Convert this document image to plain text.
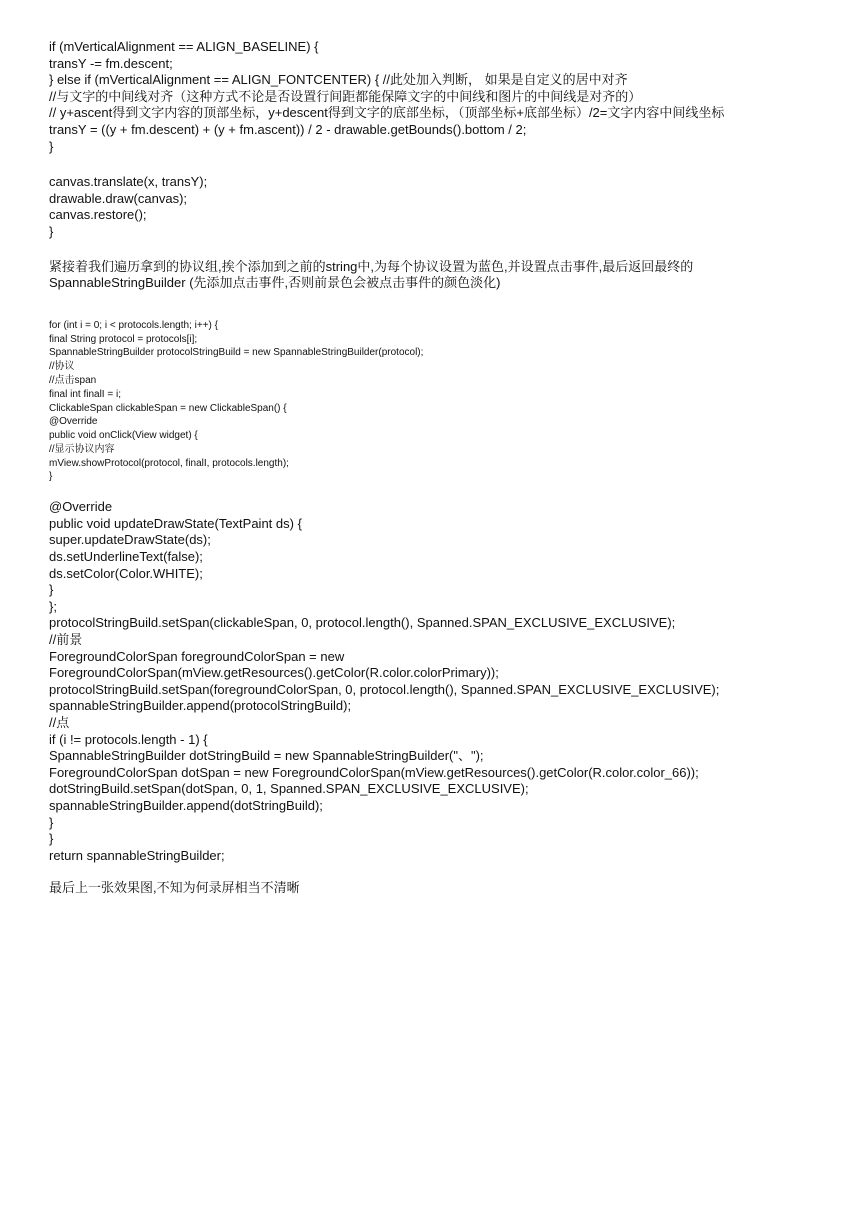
if (mVerticalAlignment == ALIGN_BASELINE) {
transY -= fm.descent;
} else if (mVerticalAlignment == ALIGN_FONTCENTER) { //此处加入判断， 如果是自定义的居中对齐
//与文字的中间线对齐（这种方式不论是否设置行间距都能保障文字的中间线和图片的中间线是对齐的）
// y+ascent得到文字内容的顶部坐标，y+descent得到文字的底部坐标，（顶部坐标+底部坐标）/2=文字内容中间线坐标
transY = ((y + fm.descent) + (y + fm.ascent)) / 2 - drawable.getBounds().bottom / 2;
}
canvas.translate(x, transY);
drawable.draw(canvas);
canvas.restore();
}
紧接着我们遍历拿到的协议组,挨个添加到之前的string中,为每个协议设置为蓝色,并设置点击事件,最后返回最终的
SpannableStringBuilder (先添加点击事件,否则前景色会被点击事件的颜色淡化)
for (int i = 0; i < protocols.length; i++) {
final String protocol = protocols[i];
SpannableStringBuilder protocolStringBuild = new SpannableStringBuilder(protocol);
//协议
//点击span
final int finalI = i;
ClickableSpan clickableSpan = new ClickableSpan() {
@Override
public void onClick(View widget) {
//显示协议内容
mView.showProtocol(protocol, finalI, protocols.length);
}
@Override
public void updateDrawState(TextPaint ds) {
super.updateDrawState(ds);
ds.setUnderlineText(false);
ds.setColor(Color.WHITE);
}
};
protocolStringBuild.setSpan(clickableSpan, 0, protocol.length(), Spanned.SPAN_EXCLUSIVE_EXCLUSIVE);
//前景
ForegroundColorSpan foregroundColorSpan = new
ForegroundColorSpan(mView.getResources().getColor(R.color.colorPrimary));
protocolStringBuild.setSpan(foregroundColorSpan, 0, protocol.length(), Spanned.SPAN_EXCLUSIVE_EXCLUSIVE);
spannableStringBuilder.append(protocolStringBuild);
//点
if (i != protocols.length - 1) {
SpannableStringBuilder dotStringBuild = new SpannableStringBuilder("、");
ForegroundColorSpan dotSpan = new ForegroundColorSpan(mView.getResources().getColor(R.color.color_66));
dotStringBuild.setSpan(dotSpan, 0, 1, Spanned.SPAN_EXCLUSIVE_EXCLUSIVE);
spannableStringBuilder.append(dotStringBuild);
}
}
return spannableStringBuilder;
最后上一张效果图,不知为何录屏相当不清晰
